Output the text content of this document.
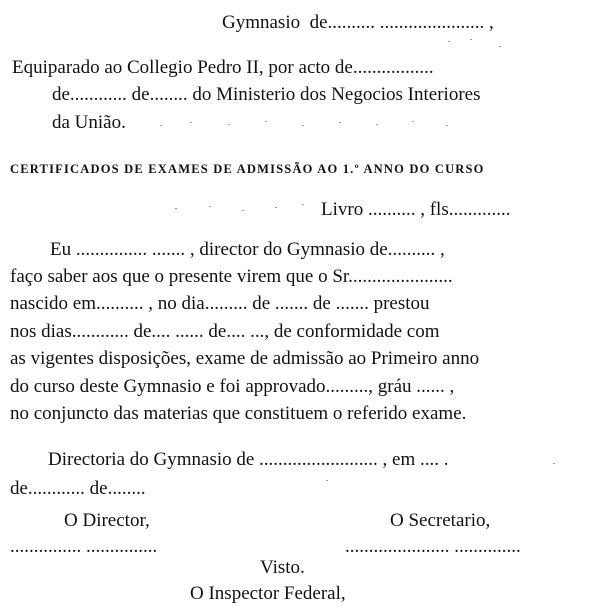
Gymnasio  de.......... ...................... ,
Equiparado ao Collegio Pedro II, por acto de.................
de............ de........ do Ministerio dos Negocios Interiores
da União.
CERTIFICADOS DE EXAMES DE ADMISSÃO AO 1.º ANNO DO CURSO
Livro .......... , fls.............
Eu ............... ....... , director do Gymnasio de.......... ,
faço saber aos que o presente virem que o Sr......................
nascido em.......... , no dia......... de ....... de ....... prestou
nos dias............ de.... ...... de.... ..., de conformidade com
as vigentes disposições, exame de admissão ao Primeiro anno
do curso deste Gymnasio e foi approvado........., gráu ...... ,
no conjuncto das materias que constituem o referido exame.
Directoria do Gymnasio de ......................... , em .... .
de............ de........
O Director,	O Secretario,
............... ...............	...................... ..............
Visto.
O Inspector Federal,
